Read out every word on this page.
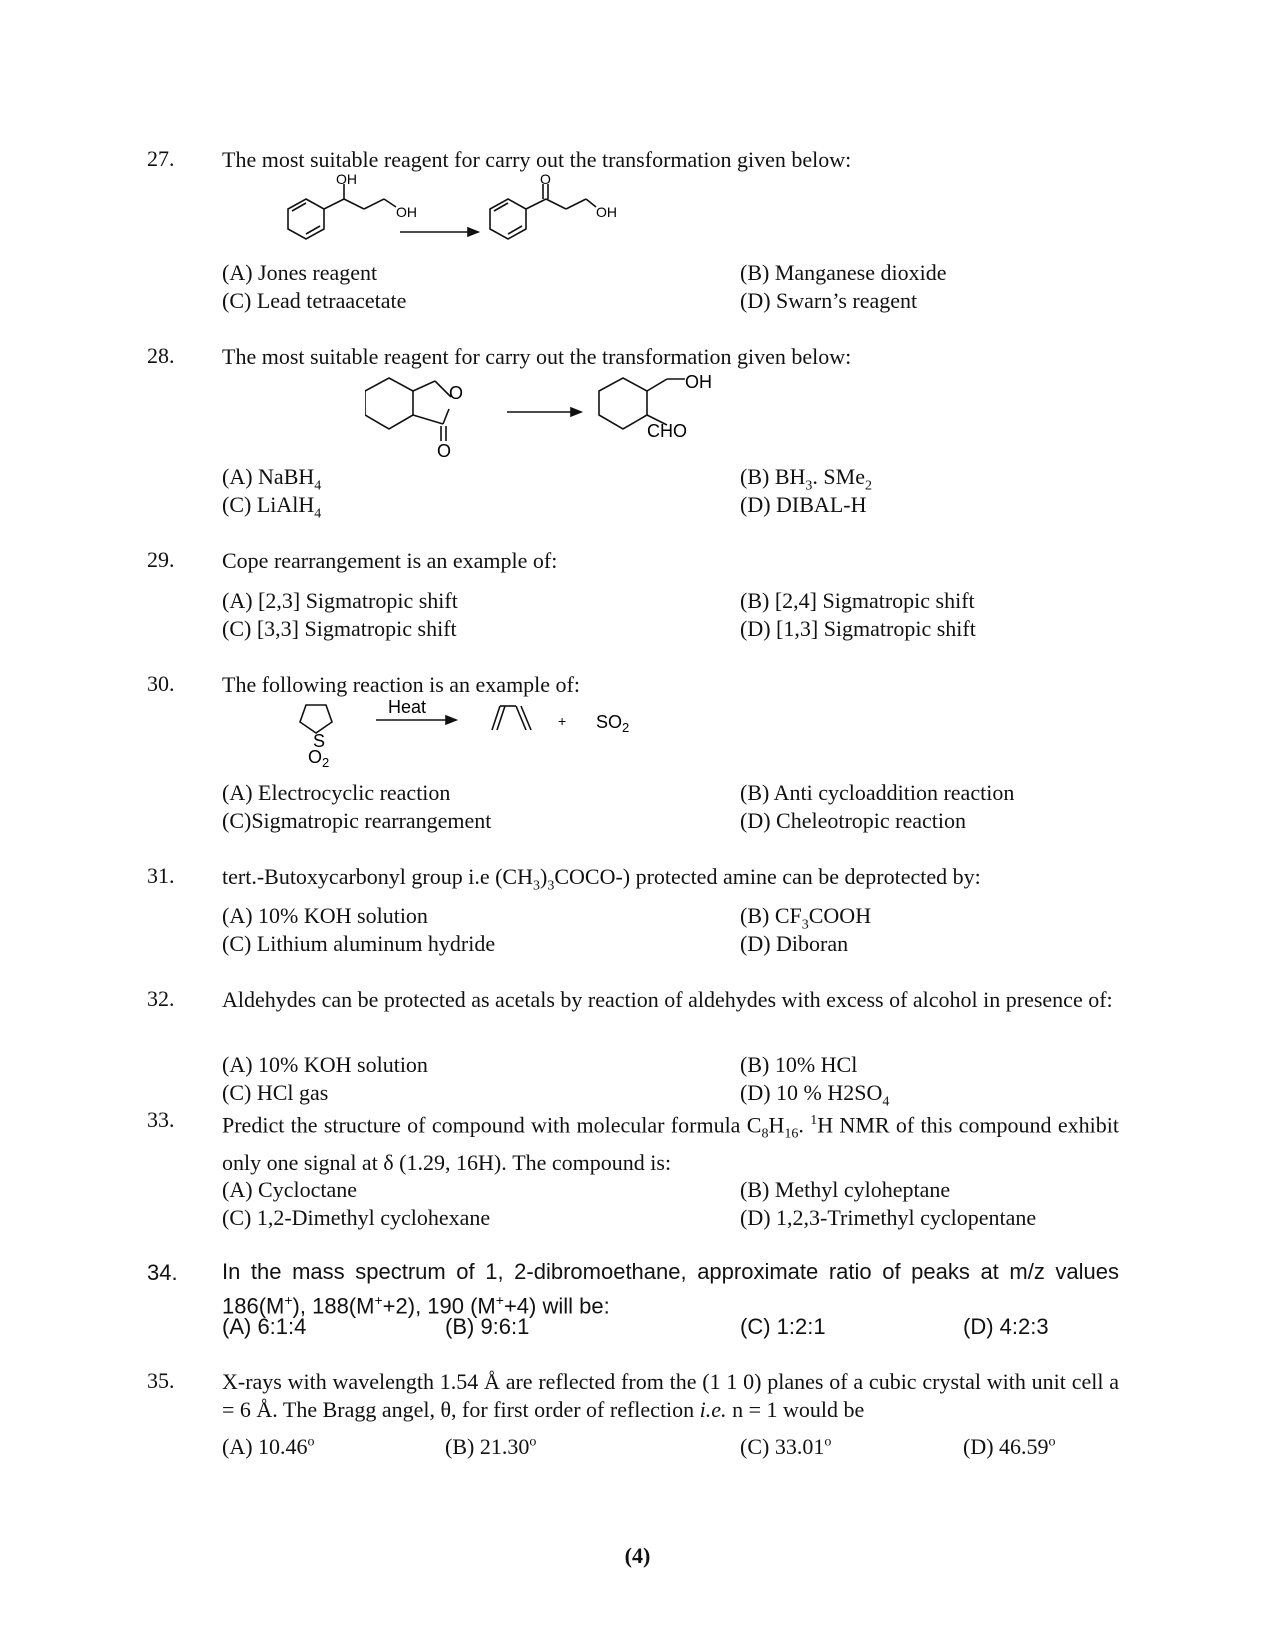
27. The most suitable reagent for carry out the transformation given below:
OH
OH
O
OH
(A) Jones reagent	(B) Manganese dioxide
(C) Lead tetraacetate	(D) Swarn’s reagent
28. The most suitable reagent for carry out the transformation given below:
O
O
OH
CHO
(A) NaBH$_4$	(B) $BH_3$. SMe$_2$
(C) LiAlH$_4$	(D) DIBAL-H
29. Cope rearrangement is an example of:
(A) [2,3] Sigmatropic shift	(B) [2,4] Sigmatropic shift
(C) [3,3] Sigmatropic shift	(D) [1,3] Sigmatropic shift
30. The following reaction is an example of:
S
$O_2$
Heat
+ $SO_2$
(A) Electrocyclic reaction	(B) Anti cycloaddition reaction
(C)Sigmatropic rearrangement	(D) Cheleotropic reaction
31. tert.-Butoxycarbonyl group i.e $(CH_3)_3COCO-$) protected amine can be deprotected by:
(A) 10% KOH solution	(B) $CF_3COOH$
(C) Lithium aluminum hydride	(D) Diboran
32. Aldehydes can be protected as acetals by reaction of aldehydes with excess of alcohol in presence of:
(A) 10% KOH solution	(B) 10% HCl
(C) HCl gas	(D) 10 % $H2SO_4$
33. Predict the structure of compound with molecular formula $C_8H_{16}$. $^1$H NMR of this compound exhibit only one signal at δ (1.29, 16H). The compound is:
(A) Cycloctane	(B) Methyl cyloheptane
(C) 1,2-Dimethyl cyclohexane	(D) 1,2,3-Trimethyl cyclopentane
34. In the mass spectrum of 1, 2-dibromoethane, approximate ratio of peaks at m/z values 186(M+), 188(M++2), 190 (M++4) will be:
(A) 6:1:4	(B) 9:6:1	(C) 1:2:1	(D) 4:2:3
35. X-rays with wavelength 1.54 Å are reflected from the (1 1 0) planes of a cubic crystal with unit cell a = 6 Å. The Bragg angel, θ, for first order of reflection i.e. n = 1 would be
(A) 10.46$^o$	(B) 21.30$^o$	(C) 33.01$^o$	(D) 46.59$^o$
(4)
